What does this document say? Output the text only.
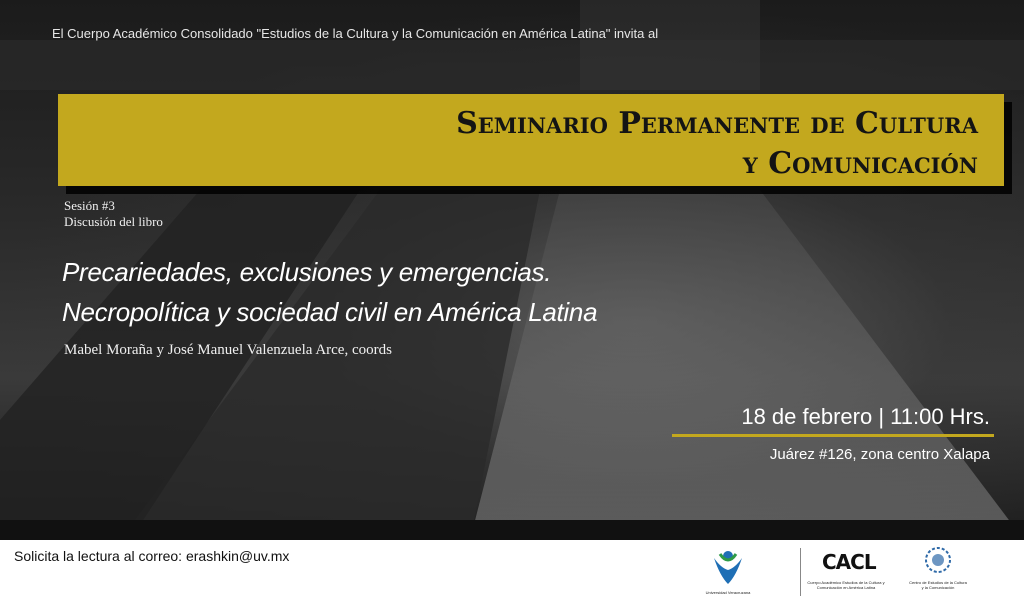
El Cuerpo Académico Consolidado "Estudios de la Cultura y la Comunicación en América Latina" invita al
Seminario Permanente de Cultura
y Comunicación
Sesión #3
Discusión del libro
Precariedades, exclusiones y emergencias.
Necropolítica y sociedad civil en América Latina
Mabel Moraña y José Manuel Valenzuela Arce, coords
18 de febrero | 11:00 Hrs.
Juárez #126, zona centro Xalapa
Solicita la lectura al correo: erashkin@uv.mx
Universidad Veracruzana
CACL
Cuerpo Académico Estudios de la Cultura y Comunicación en América Latina
Centro de Estudios de la Cultura y la Comunicación
